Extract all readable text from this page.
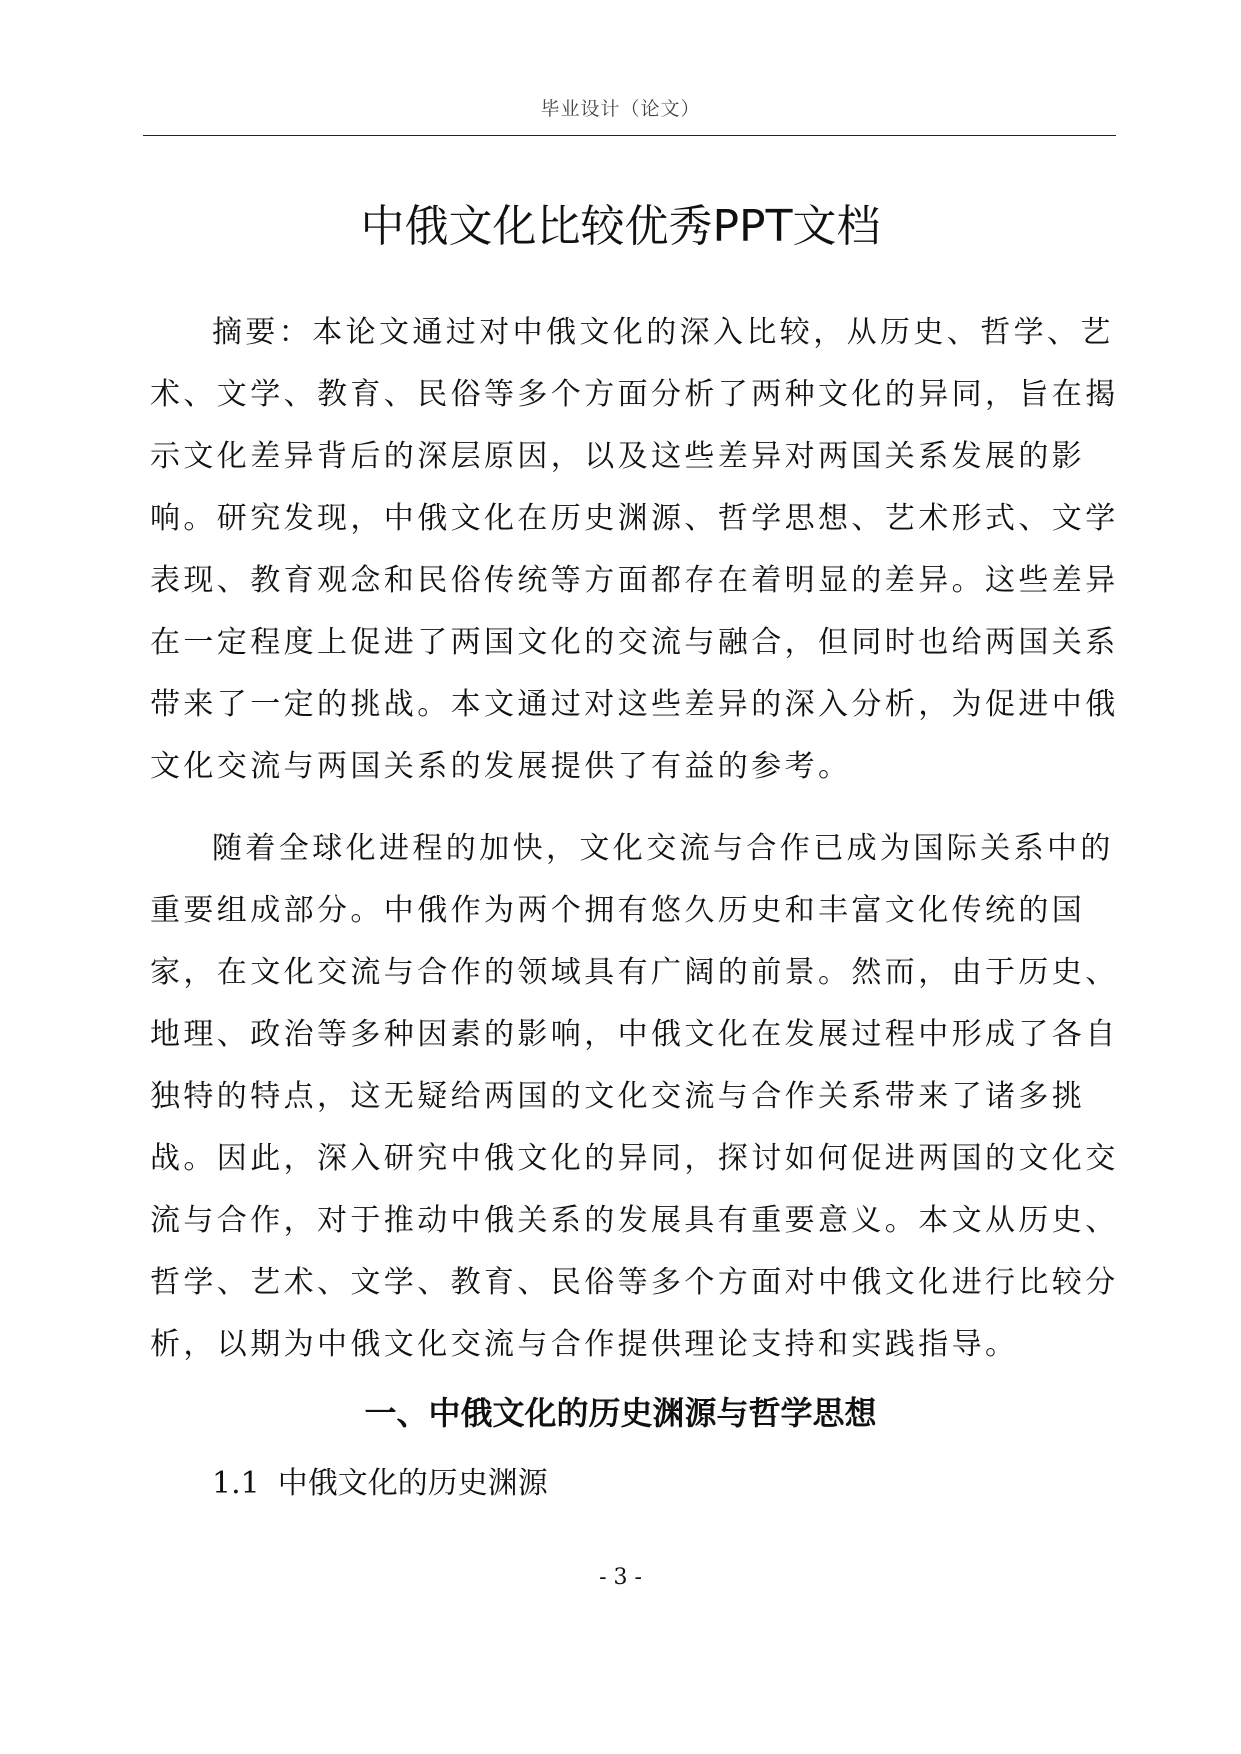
毕业设计（论文）
中俄文化比较优秀PPT文档

摘要：本论文通过对中俄文化的深入比较，从历史、哲学、艺术、文学、教育、民俗等多个方面分析了两种文化的异同，旨在揭示文化差异背后的深层原因，以及这些差异对两国关系发展的影响。研究发现，中俄文化在历史渊源、哲学思想、艺术形式、文学表现、教育观念和民俗传统等方面都存在着明显的差异。这些差异在一定程度上促进了两国文化的交流与融合，但同时也给两国关系带来了一定的挑战。本文通过对这些差异的深入分析，为促进中俄文化交流与两国关系的发展提供了有益的参考。

随着全球化进程的加快，文化交流与合作已成为国际关系中的重要组成部分。中俄作为两个拥有悠久历史和丰富文化传统的国家，在文化交流与合作的领域具有广阔的前景。然而，由于历史、地理、政治等多种因素的影响，中俄文化在发展过程中形成了各自独特的特点，这无疑给两国的文化交流与合作关系带来了诸多挑战。因此，深入研究中俄文化的异同，探讨如何促进两国的文化交流与合作，对于推动中俄关系的发展具有重要意义。本文从历史、哲学、艺术、文学、教育、民俗等多个方面对中俄文化进行比较分析，以期为中俄文化交流与合作提供理论支持和实践指导。

一、中俄文化的历史渊源与哲学思想
1.1 中俄文化的历史渊源
- 3 -
